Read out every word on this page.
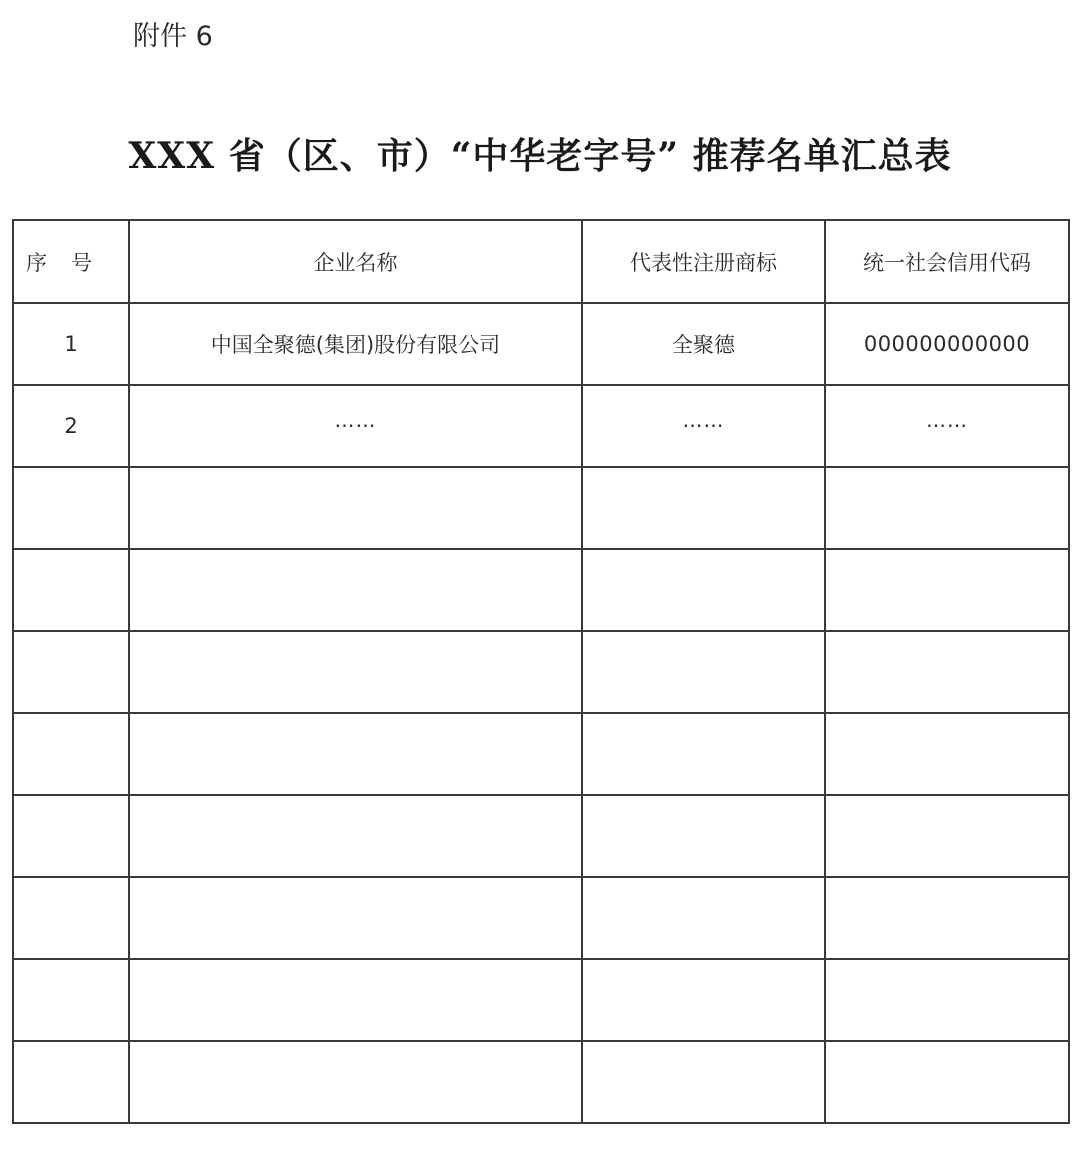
附件 6
XXX 省（区、市）“中华老字号” 推荐名单汇总表
序号	企业名称	代表性注册商标	统一社会信用代码
1	中国全聚德(集团)股份有限公司	全聚德	000000000000
2	……	……	……
